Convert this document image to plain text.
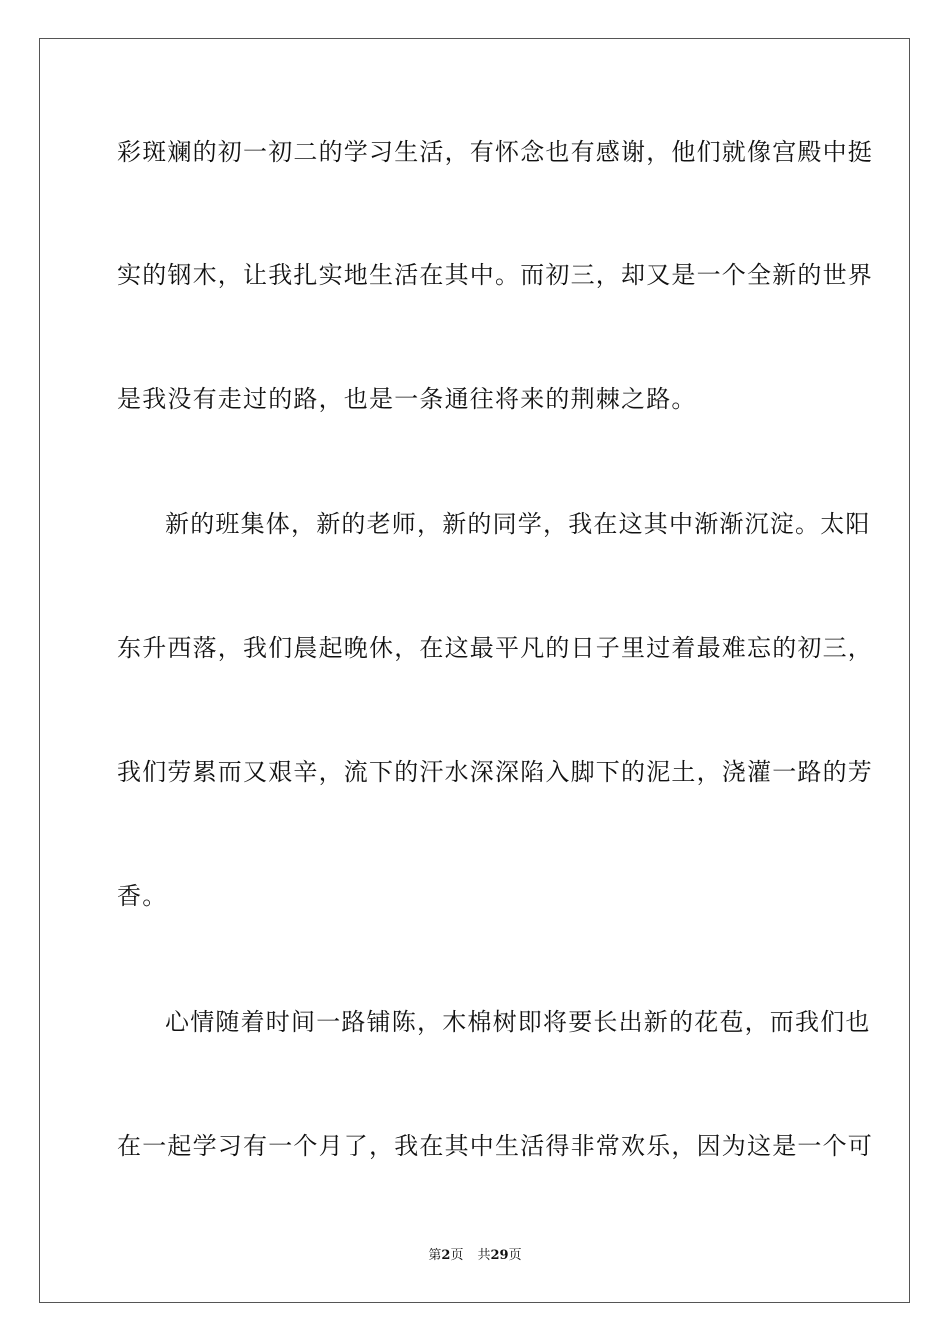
彩斑斓的初一初二的学习生活，有怀念也有感谢，他们就像宫殿中挺
实的钢木，让我扎实地生活在其中。而初三，却又是一个全新的世界
是我没有走过的路，也是一条通往将来的荆棘之路。
新的班集体，新的老师，新的同学，我在这其中渐渐沉淀。太阳
东升西落，我们晨起晚休，在这最平凡的日子里过着最难忘的初三，
我们劳累而又艰辛，流下的汗水深深陷入脚下的泥土，浇灌一路的芳
香。
心情随着时间一路铺陈，木棉树即将要长出新的花苞，而我们也
在一起学习有一个月了，我在其中生活得非常欢乐，因为这是一个可
第2页 共29页
